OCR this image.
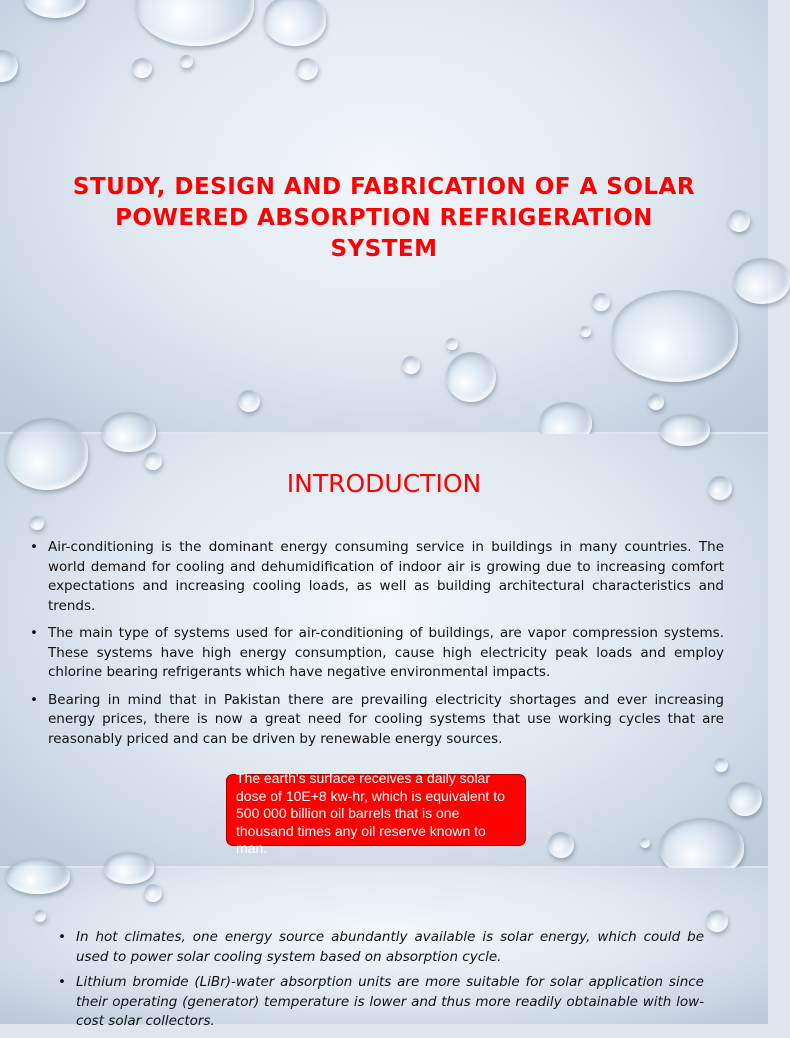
STUDY, DESIGN AND FABRICATION OF A SOLAR POWERED ABSORPTION REFRIGERATION SYSTEM
INTRODUCTION
• Air-conditioning is the dominant energy consuming service in buildings in many countries. The world demand for cooling and dehumidification of indoor air is growing due to increasing comfort expectations and increasing cooling loads, as well as building architectural characteristics and trends.
• The main type of systems used for air-conditioning of buildings, are vapor compression systems. These systems have high energy consumption, cause high electricity peak loads and employ chlorine bearing refrigerants which have negative environmental impacts.
• Bearing in mind that in Pakistan there are prevailing electricity shortages and ever increasing energy prices, there is now a great need for cooling systems that use working cycles that are reasonably priced and can be driven by renewable energy sources.

The earth's surface receives a daily solar dose of 10E+8 kw-hr, which is equivalent to 500 000 billion oil barrels that is one thousand times any oil reserve known to man.

• In hot climates, one energy source abundantly available is solar energy, which could be used to power solar cooling system based on absorption cycle.
• Lithium bromide (LiBr)-water absorption units are more suitable for solar application since their operating (generator) temperature is lower and thus more readily obtainable with low-cost solar collectors.
